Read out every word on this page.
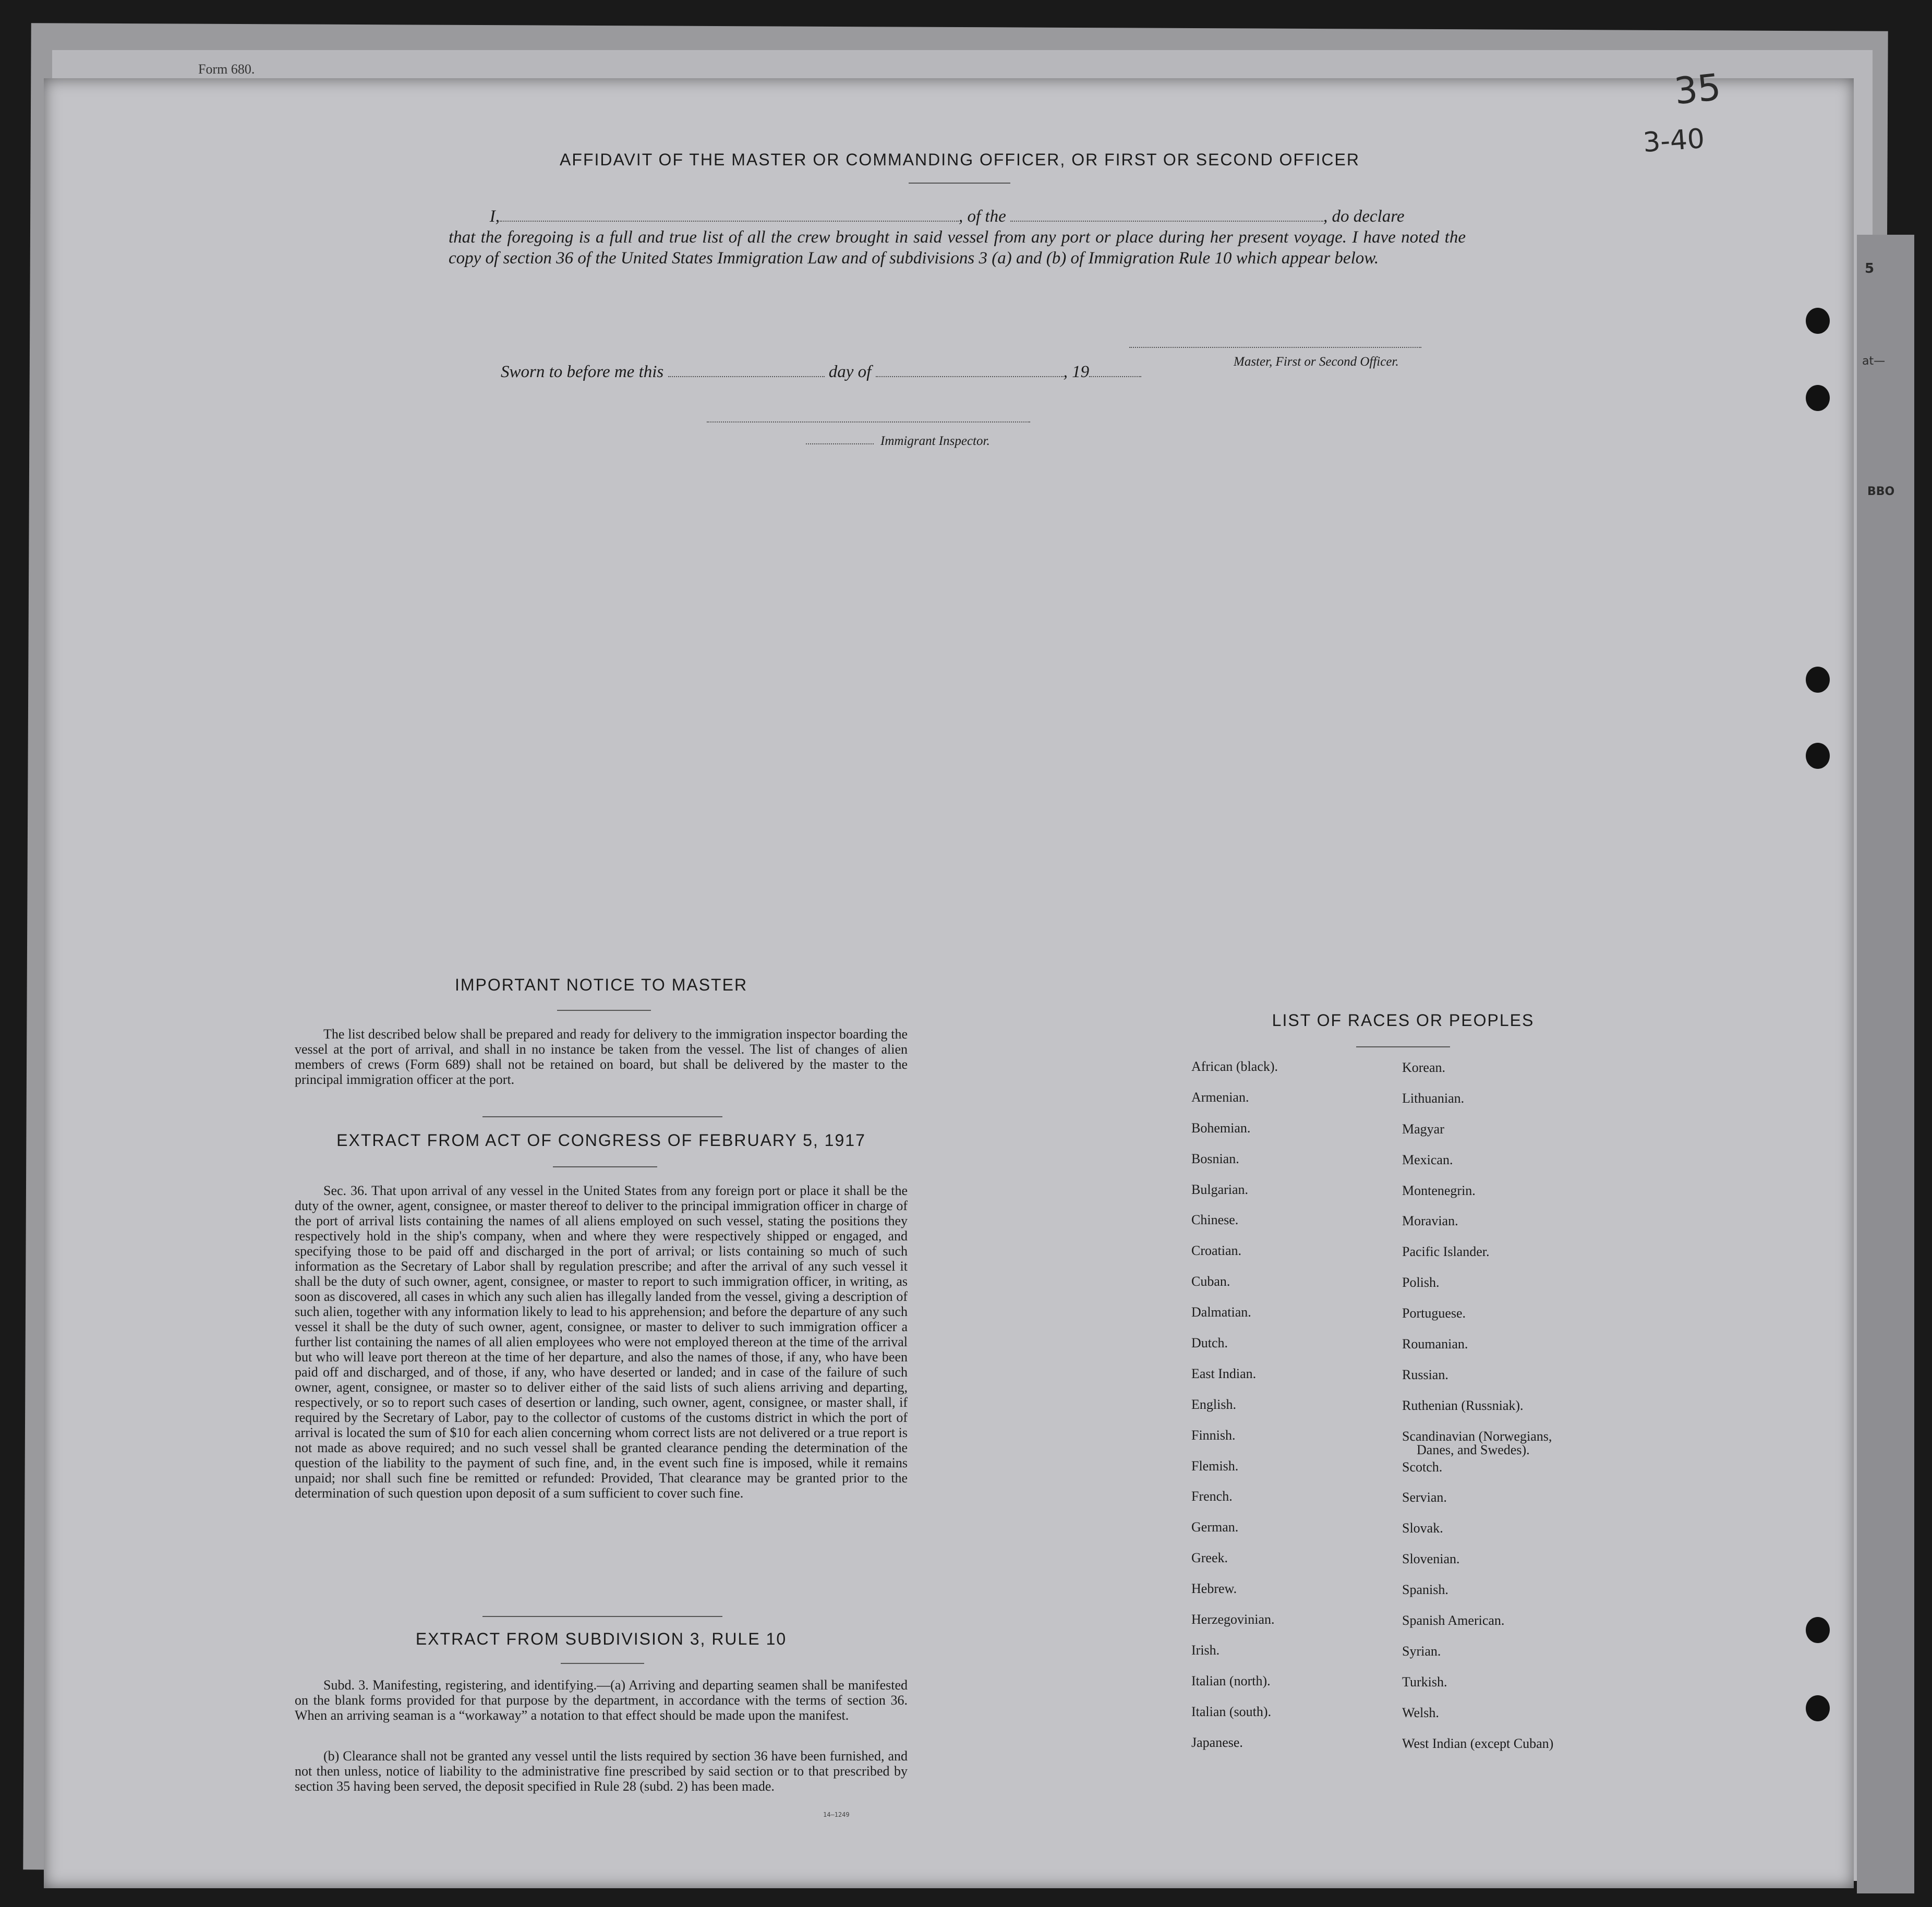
Form 680.	35
3-40
5
at—
BBO
AFFIDAVIT OF THE MASTER OR COMMANDING OFFICER, OR FIRST OR SECOND OFFICER
I,	, of the	, do declare
that the foregoing is a full and true list of all the crew brought in said vessel from any port or place during her present voyage. I have noted the copy of section 36 of the United States Immigration Law and of subdivisions 3 (a) and (b) of Immigration Rule 10 which appear below.
Master, First or Second Officer.
Sworn to before me this	day of	, 19
Immigrant Inspector.
IMPORTANT NOTICE TO MASTER
The list described below shall be prepared and ready for delivery to the immigration inspector boarding the vessel at the port of arrival, and shall in no instance be taken from the vessel. The list of changes of alien members of crews (Form 689) shall not be retained on board, but shall be delivered by the master to the principal immigration officer at the port.
EXTRACT FROM ACT OF CONGRESS OF FEBRUARY 5, 1917
Sec. 36. That upon arrival of any vessel in the United States from any foreign port or place it shall be the duty of the owner, agent, consignee, or master thereof to deliver to the principal immigration officer in charge of the port of arrival lists containing the names of all aliens employed on such vessel, stating the positions they respectively hold in the ship's company, when and where they were respectively shipped or engaged, and specifying those to be paid off and discharged in the port of arrival; or lists containing so much of such information as the Secretary of Labor shall by regulation prescribe; and after the arrival of any such vessel it shall be the duty of such owner, agent, consignee, or master to report to such immigration officer, in writing, as soon as discovered, all cases in which any such alien has illegally landed from the vessel, giving a description of such alien, together with any information likely to lead to his apprehension; and before the departure of any such vessel it shall be the duty of such owner, agent, consignee, or master to deliver to such immigration officer a further list containing the names of all alien employees who were not employed thereon at the time of the arrival but who will leave port thereon at the time of her departure, and also the names of those, if any, who have been paid off and discharged, and of those, if any, who have deserted or landed; and in case of the failure of such owner, agent, consignee, or master so to deliver either of the said lists of such aliens arriving and departing, respectively, or so to report such cases of desertion or landing, such owner, agent, consignee, or master shall, if required by the Secretary of Labor, pay to the collector of customs of the customs district in which the port of arrival is located the sum of $10 for each alien concerning whom correct lists are not delivered or a true report is not made as above required; and no such vessel shall be granted clearance pending the determination of the question of the liability to the payment of such fine, and, in the event such fine is imposed, while it remains unpaid; nor shall such fine be remitted or refunded: Provided, That clearance may be granted prior to the determination of such question upon deposit of a sum sufficient to cover such fine.
EXTRACT FROM SUBDIVISION 3, RULE 10
Subd. 3. Manifesting, registering, and identifying.—(a) Arriving and departing seamen shall be manifested on the blank forms provided for that purpose by the department, in accordance with the terms of section 36. When an arriving seaman is a “workaway” a notation to that effect should be made upon the manifest.
(b) Clearance shall not be granted any vessel until the lists required by section 36 have been furnished, and not then unless, notice of liability to the administrative fine prescribed by said section or to that prescribed by section 35 having been served, the deposit specified in Rule 28 (subd. 2) has been made.
14—1249
LIST OF RACES OR PEOPLES
African (black).
Armenian.
Bohemian.
Bosnian.
Bulgarian.
Chinese.
Croatian.
Cuban.
Dalmatian.
Dutch.
East Indian.
English.
Finnish.
Flemish.
French.
German.
Greek.
Hebrew.
Herzegovinian.
Irish.
Italian (north).
Italian (south).
Japanese.
Korean.
Lithuanian.
Magyar
Mexican.
Montenegrin.
Moravian.
Pacific Islander.
Polish.
Portuguese.
Roumanian.
Russian.
Ruthenian (Russniak).
Scandinavian (Norwegians,
Danes, and Swedes).
Scotch.
Servian.
Slovak.
Slovenian.
Spanish.
Spanish American.
Syrian.
Turkish.
Welsh.
West Indian (except Cuban)
